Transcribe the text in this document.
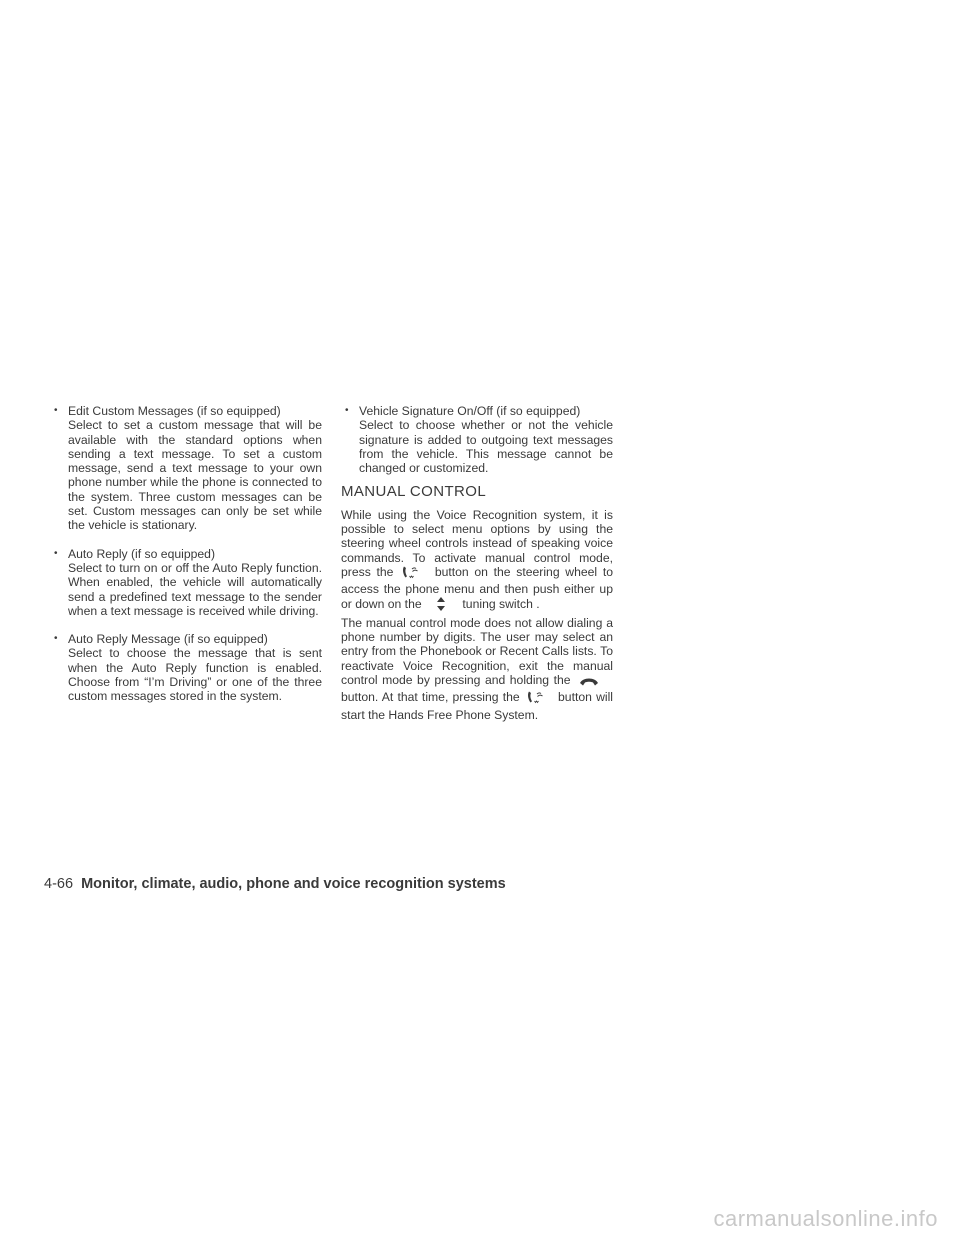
• Edit Custom Messages (if so equipped)
Select to set a custom message that will be available with the standard options when sending a text message. To set a custom message, send a text message to your own phone number while the phone is connected to the system. Three custom messages can be set. Custom messages can only be set while the vehicle is stationary.
• Auto Reply (if so equipped)
Select to turn on or off the Auto Reply function. When enabled, the vehicle will automatically send a predefined text message to the sender when a text message is received while driving.
• Auto Reply Message (if so equipped)
Select to choose the message that is sent when the Auto Reply function is enabled. Choose from “I’m Driving” or one of the three custom messages stored in the system.
• Vehicle Signature On/Off (if so equipped)
Select to choose whether or not the vehicle signature is added to outgoing text messages from the vehicle. This message cannot be changed or customized.
MANUAL CONTROL

While using the Voice Recognition system, it is possible to select menu options by using the steering wheel controls instead of speaking voice commands. To activate manual control mode, press the	button on the steering wheel to access the phone menu and then push either up or down on the	tuning switch .

The manual control mode does not allow dialing a phone number by digits. The user may select an entry from the Phonebook or Recent Calls lists. To reactivate Voice Recognition, exit the manual control mode by pressing and holding the  button. At that time, pressing the	button will start the Hands Free Phone System.

4-66 Monitor, climate, audio, phone and voice recognition systems
carmanualsonline.info
